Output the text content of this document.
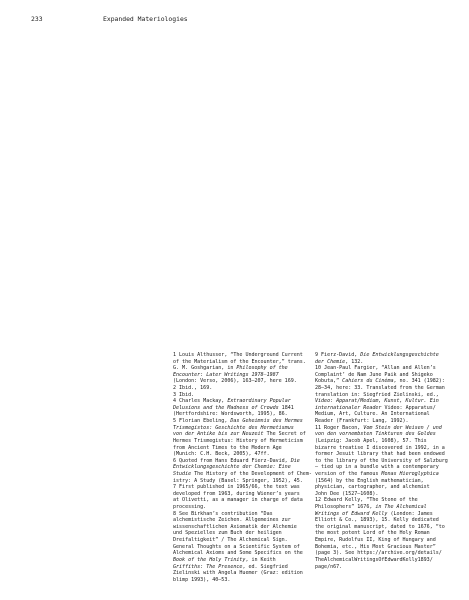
233	Expanded Materiologies
1 Louis Althusser, “The Underground Current
of the Materialism of the Encounter,” trans.
G. M. Goshgarian, in Philosophy of the
Encounter: Later Writings 1978–1987
(London: Verso, 2006), 163–207, here 169.
2 Ibid., 169.
3 Ibid.
4 Charles Mackay, Extraordinary Popular
Delusions and the Madness of Crowds 1841
(Hertfordshire: Wordsworth, 1995), 86.
5 Florian Ebeling, Das Geheimnis des Hermes
Trismegistos: Geschichte des Hermetismus
von der Antike bis zur Neuzeit The Secret of
Hermes Trismegistus: History of Hermeticism
from Ancient Times to the Modern Age
(Munich: C.H. Beck, 2005), 47ff.
6 Quoted from Hans Eduard Fierz-David, Die
Entwicklungsgeschichte der Chemie: Eine
Studie The History of the Development of Chem-
istry: A Study (Basel: Springer, 1952), 45.
7 First published in 1965/66, the text was
developed from 1963, during Wiener’s years
at Olivetti, as a manager in charge of data
processing.
8 See Birkhan’s contribution “Das
alchemistische Zeichen. Allgemeines zur
wissenschaftlichen Axiomatik der Alchemie
und Spezielles zum Buch der heiligen
Dreifaltigkeit” / The Alchemical Sign.
General Thoughts on a Scientific System of
Alchemical Axioms and Some Specifics on the
Book of the Holy Trinity, in Keith
Griffiths: The Presence, ed. Siegfried
Zielinski with Angela Huemer (Graz: edition
blimp 1993), 40–53.
9 Fierz-David, Die Entwicklungsgeschichte
der Chemie, 132.
10 Jean-Paul Fargier, “Allan and Allen’s
Complaint’ de Nam June Paik and Shigeko
Kobuta,” Cahiers du Cinéma, no. 341 (1982):
28–34, here: 33. Translated from the German
translation in: Siegfried Zielinski, ed.,
Video: Apparat/Medium, Kunst, Kultur. Ein
internationaler Reader Video: Apparatus/
Medium, Art, Culture. An International
Reader (Frankfurt: Lang, 1992).
11 Roger Bacon, Vom Stein der Weisen / und
von den vornembsten Tinkturen des Goldes
(Leipzig: Jacob Apel, 1608), 57. This
bizarre treatise I discovered in 1992, in a
former Jesuit library that had been endowed
to the library of the University of Salzburg
– tied up in a bundle with a contemporary
version of the famous Monas Hieroglyphica
(1564) by the English mathematician,
physician, cartographer, and alchemist
John Dee (1527–1608).
12 Edward Kelly, “The Stone of the
Philosophers” 1676, in The Alchemical
Writings of Edward Kelly (London: James
Elliott & Co., 1893), 15. Kelly dedicated
the original manuscript, dated to 1676, “to
the most potent Lord of the Holy Roman
Empire, Rudolfus II, King of Hungary and
Bohemia, etc., His Most Gracious Master”
(page 3). See https://archive.org/details/
TheAlchemicalWritingsOfEdwardKelly1893/
page/n67.
